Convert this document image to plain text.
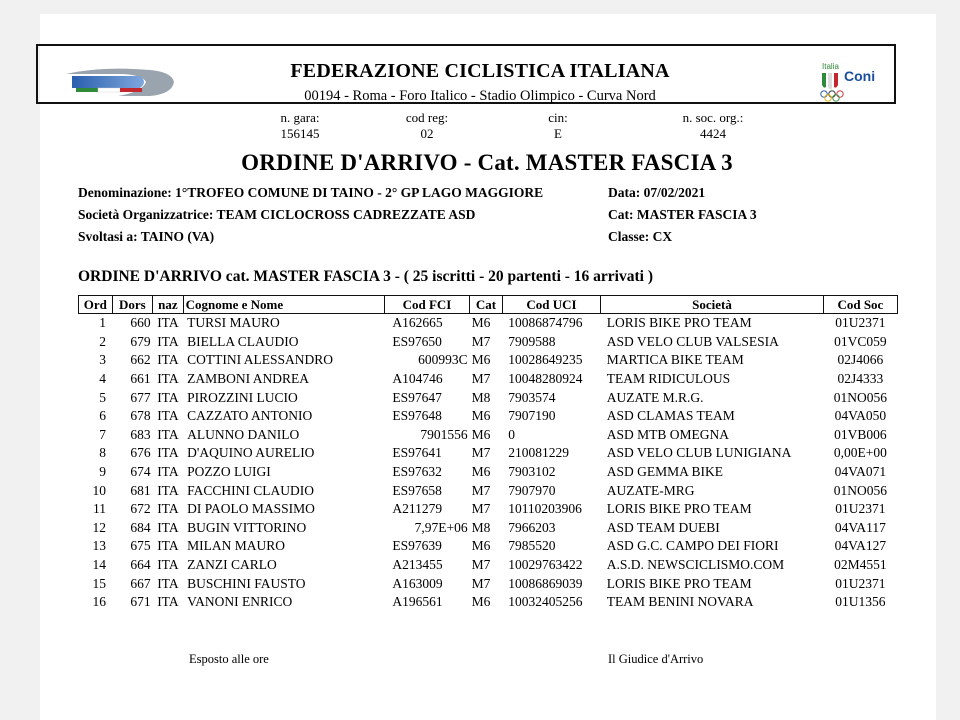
FEDERAZIONE CICLISTICA ITALIANA
00194 - Roma - Foro Italico - Stadio Olimpico - Curva Nord
Italia
Coni
n. gara:
156145
cod reg:
02
cin:
E
n. soc. org.:
4424
ORDINE D'ARRIVO - Cat. MASTER FASCIA 3
Denominazione: 1°TROFEO COMUNE DI TAINO - 2° GP LAGO MAGGIORE	Data: 07/02/2021
Società Organizzatrice: TEAM CICLOCROSS CADREZZATE ASD	Cat: MASTER FASCIA 3
Svoltasi a: TAINO (VA)	Classe: CX
ORDINE D'ARRIVO cat. MASTER FASCIA 3 - ( 25 iscritti - 20 partenti - 16 arrivati )
Ord	Dors	naz	Cognome e Nome	Cod FCI	Cat	Cod UCI	Società	Cod Soc
1	660	ITA	TURSI MAURO	A162665	M6	10086874796	LORIS BIKE PRO TEAM	01U2371
2	679	ITA	BIELLA CLAUDIO	ES97650	M7	7909588	ASD VELO CLUB VALSESIA	01VC059
3	662	ITA	COTTINI ALESSANDRO	600993C	M6	10028649235	MARTICA BIKE TEAM	02J4066
4	661	ITA	ZAMBONI ANDREA	A104746	M7	10048280924	TEAM RIDICULOUS	02J4333
5	677	ITA	PIROZZINI LUCIO	ES97647	M8	7903574	AUZATE M.R.G.	01NO056
6	678	ITA	CAZZATO ANTONIO	ES97648	M6	7907190	ASD CLAMAS TEAM	04VA050
7	683	ITA	ALUNNO DANILO	7901556	M6	0	ASD MTB OMEGNA	01VB006
8	676	ITA	D'AQUINO AURELIO	ES97641	M7	210081229	ASD VELO CLUB LUNIGIANA	0,00E+00
9	674	ITA	POZZO LUIGI	ES97632	M6	7903102	ASD GEMMA BIKE	04VA071
10	681	ITA	FACCHINI CLAUDIO	ES97658	M7	7907970	AUZATE-MRG	01NO056
11	672	ITA	DI PAOLO MASSIMO	A211279	M7	10110203906	LORIS BIKE PRO TEAM	01U2371
12	684	ITA	BUGIN VITTORINO	7,97E+06	M8	7966203	ASD TEAM DUEBI	04VA117
13	675	ITA	MILAN MAURO	ES97639	M6	7985520	ASD G.C. CAMPO DEI FIORI	04VA127
14	664	ITA	ZANZI CARLO	A213455	M7	10029763422	A.S.D. NEWSCICLISMO.COM	02M4551
15	667	ITA	BUSCHINI FAUSTO	A163009	M7	10086869039	LORIS BIKE PRO TEAM	01U2371
16	671	ITA	VANONI ENRICO	A196561	M6	10032405256	TEAM BENINI NOVARA	01U1356
Esposto alle ore	Il Giudice d'Arrivo
